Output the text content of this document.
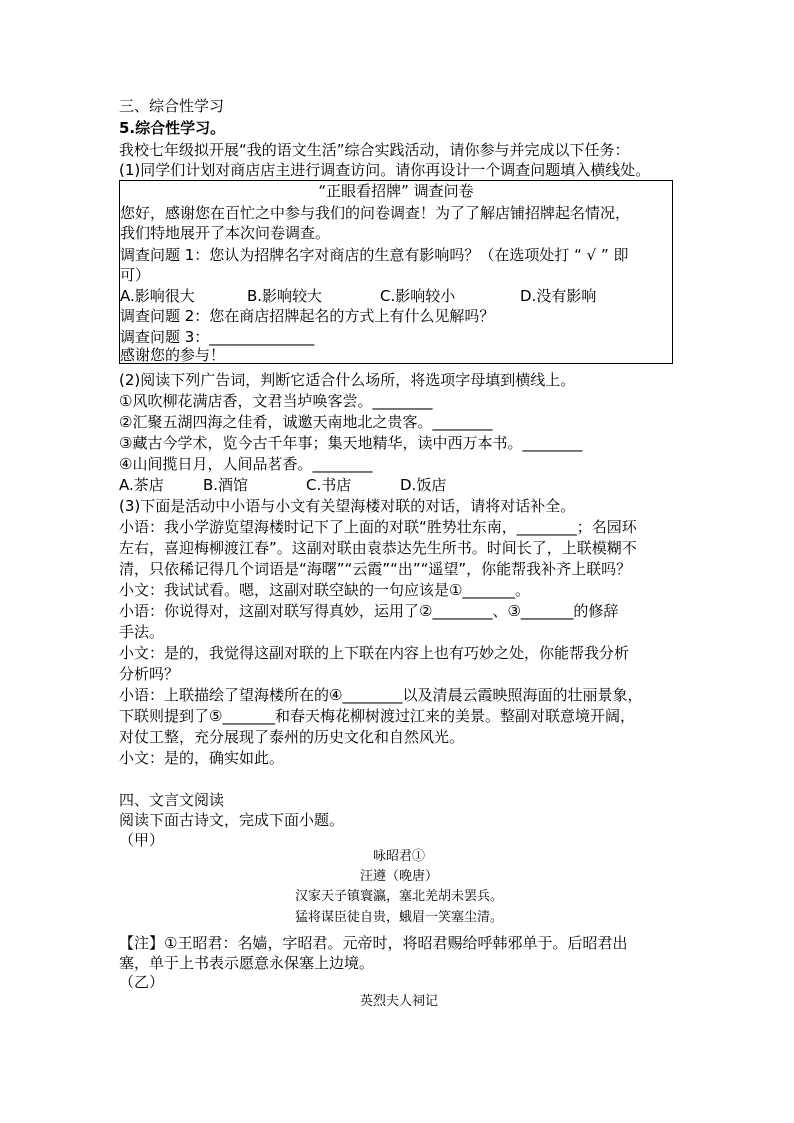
三、综合性学习
5.综合性学习。
我校七年级拟开展“我的语文生活”综合实践活动，请你参与并完成以下任务：
(1)同学们计划对商店店主进行调查访问。请你再设计一个调查问题填入横线处。
“正眼看招牌” 调查问卷
您好，感谢您在百忙之中参与我们的问卷调查！为了了解店铺招牌起名情况，
我们特地展开了本次问卷调查。
调查问题 1：您认为招牌名字对商店的生意有影响吗？（在选项处打 “ √ ” 即
可）
A.影响很大	B.影响较大	C.影响较小	D.没有影响
调查问题 2：您在商店招牌起名的方式上有什么见解吗？
调查问题 3：______________
感谢您的参与！
(2)阅读下列广告词，判断它适合什么场所，将选项字母填到横线上。
①风吹柳花满店香，文君当垆唤客尝。________
②汇聚五湖四海之佳肴，诚邀天南地北之贵客。________
③藏古今学术，览今古千年事；集天地精华，读中西万本书。________
④山间揽日月，人间品茗香。________
A.茶店	B.酒馆	C.书店	D.饭店
(3)下面是活动中小语与小文有关望海楼对联的对话，请将对话补全。
小语：我小学游览望海楼时记下了上面的对联“胜势壮东南，________；名园环
左右，喜迎梅柳渡江春”。这副对联由袁恭达先生所书。时间长了，上联模糊不
清，只依稀记得几个词语是“海曙”“云霞”“出”“遥望”，你能帮我补齐上联吗？
小文：我试试看。嗯，这副对联空缺的一句应该是①_______。
小语：你说得对，这副对联写得真妙，运用了②________、③_______的修辞
手法。
小文：是的，我觉得这副对联的上下联在内容上也有巧妙之处，你能帮我分析
分析吗？
小语：上联描绘了望海楼所在的④________以及清晨云霞映照海面的壮丽景象，
下联则提到了⑤_______和春天梅花柳树渡过江来的美景。整副对联意境开阔，
对仗工整，充分展现了泰州的历史文化和自然风光。
小文：是的，确实如此。
四、文言文阅读
阅读下面古诗文，完成下面小题。
（甲）
咏昭君①
汪遵（晚唐）
汉家天子镇寰瀛，塞北羌胡未罢兵。
猛将谋臣徒自贵，蛾眉一笑塞尘清。
【注】①王昭君：名嫱，字昭君。元帝时，将昭君赐给呼韩邪单于。后昭君出
塞，单于上书表示愿意永保塞上边境。
（乙）
英烈夫人祠记
